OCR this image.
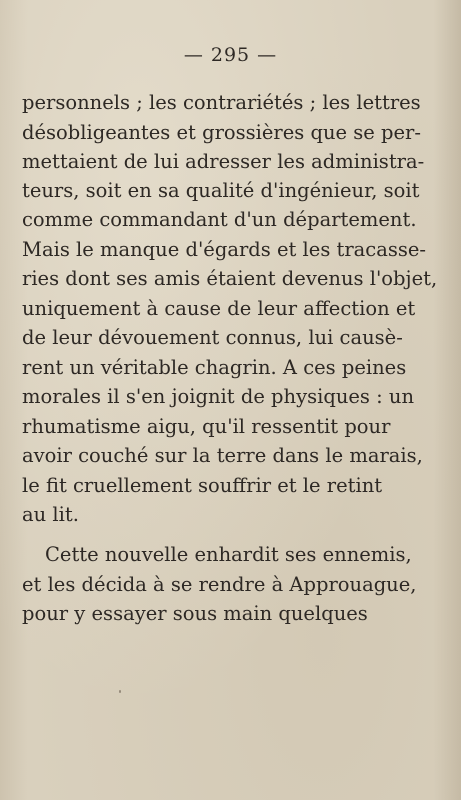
— 295 —
personnels ; les contrariétés ; les lettres
désobligeantes et grossières que se per-
mettaient de lui adresser les administra-
teurs, soit en sa qualité d'ingénieur, soit
comme commandant d'un département.
Mais le manque d'égards et les tracasse-
ries dont ses amis étaient devenus l'objet,
uniquement à cause de leur affection et
de leur dévouement connus, lui causè-
rent un véritable chagrin. A ces peines
morales il s'en joignit de physiques : un
rhumatisme aigu, qu'il ressentit pour
avoir couché sur la terre dans le marais,
le fit cruellement souffrir et le retint
au lit.
Cette nouvelle enhardit ses ennemis,
et les décida à se rendre à Approuague,
pour y essayer sous main quelques
